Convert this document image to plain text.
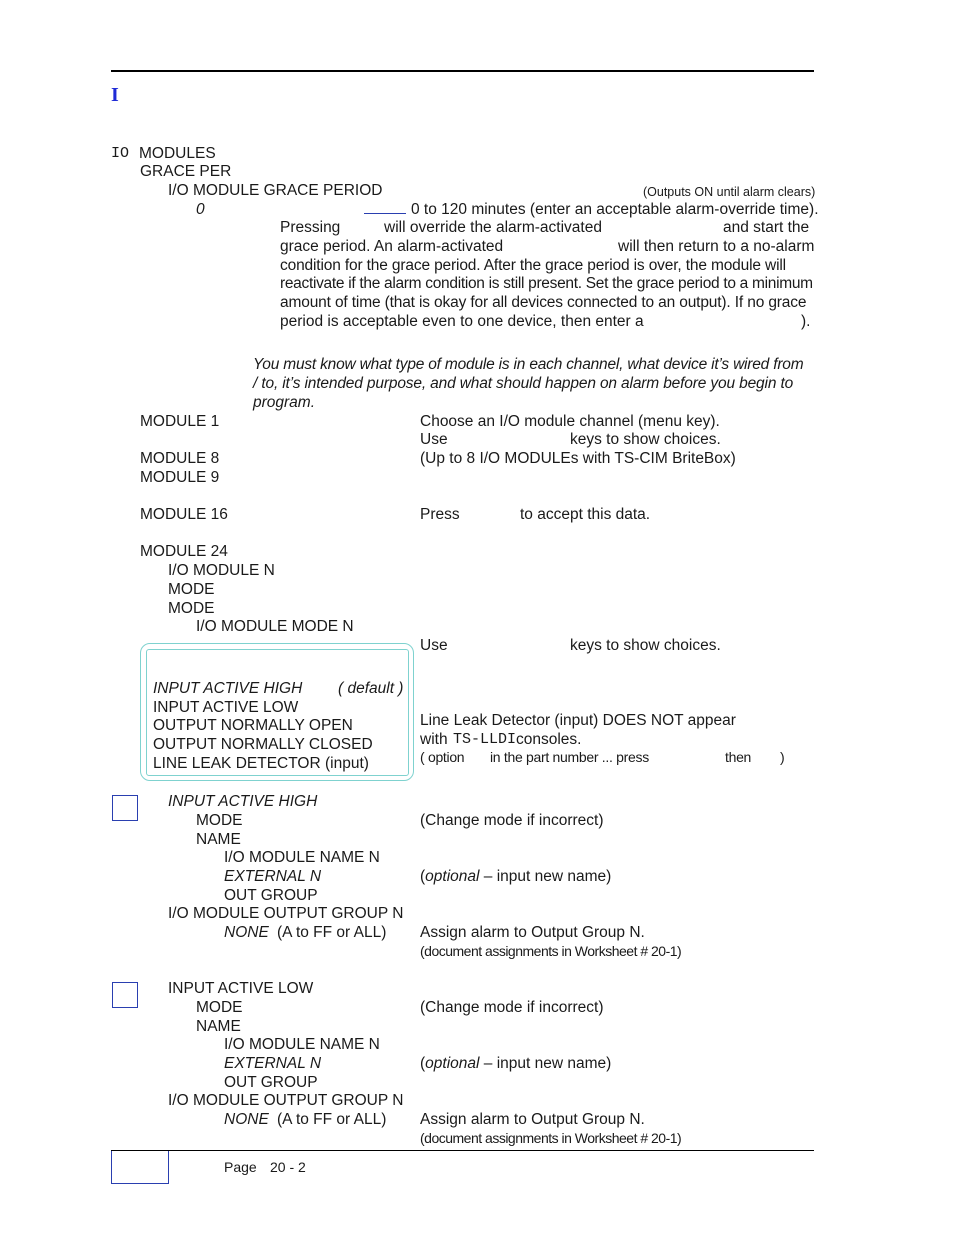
I
IO MODULES
GRACE PER
I/O MODULE GRACE PERIOD	(Outputs ON until alarm clears)
0	0 to 120 minutes (enter an acceptable alarm-override time).
Pressing	will override the alarm-activated	and start the
grace period. An alarm-activated	will then return to a no-alarm
condition for the grace period. After the grace period is over, the module will
reactivate if the alarm condition is still present. Set the grace period to a minimum
amount of time (that is okay for all devices connected to an output). If no grace
period is acceptable even to one device, then enter a	).
You must know what type of module is in each channel, what device it’s wired from
/ to, it’s intended purpose, and what should happen on alarm before you begin to
program.
MODULE 1	Choose an I/O module channel (menu key).
Use	keys to show choices.
MODULE 8	(Up to 8 I/O MODULEs with TS-CIM BriteBox)
MODULE 9
MODULE 16	Press	to accept this data.
MODULE 24
I/O MODULE N
MODE
MODE
I/O MODULE MODE N
Use	keys to show choices.
INPUT ACTIVE HIGH ( default )
INPUT ACTIVE LOW
OUTPUT NORMALLY OPEN
OUTPUT NORMALLY CLOSED
LINE LEAK DETECTOR (input)
Line Leak Detector (input) DOES NOT appear
with TS-LLDI consoles.
( option in the part number ... press	then )
INPUT ACTIVE HIGH
MODE	(Change mode if incorrect)
NAME
I/O MODULE NAME N
EXTERNAL N	(optional – input new name)
OUT GROUP
I/O MODULE OUTPUT GROUP N
NONE (A to FF or ALL) Assign alarm to Output Group N.
(document assignments in Worksheet # 20-1)
INPUT ACTIVE LOW
MODE	(Change mode if incorrect)
NAME
I/O MODULE NAME N
EXTERNAL N	(optional – input new name)
OUT GROUP
I/O MODULE OUTPUT GROUP N
NONE (A to FF or ALL) Assign alarm to Output Group N.
(document assignments in Worksheet # 20-1)
Page 20 - 2
